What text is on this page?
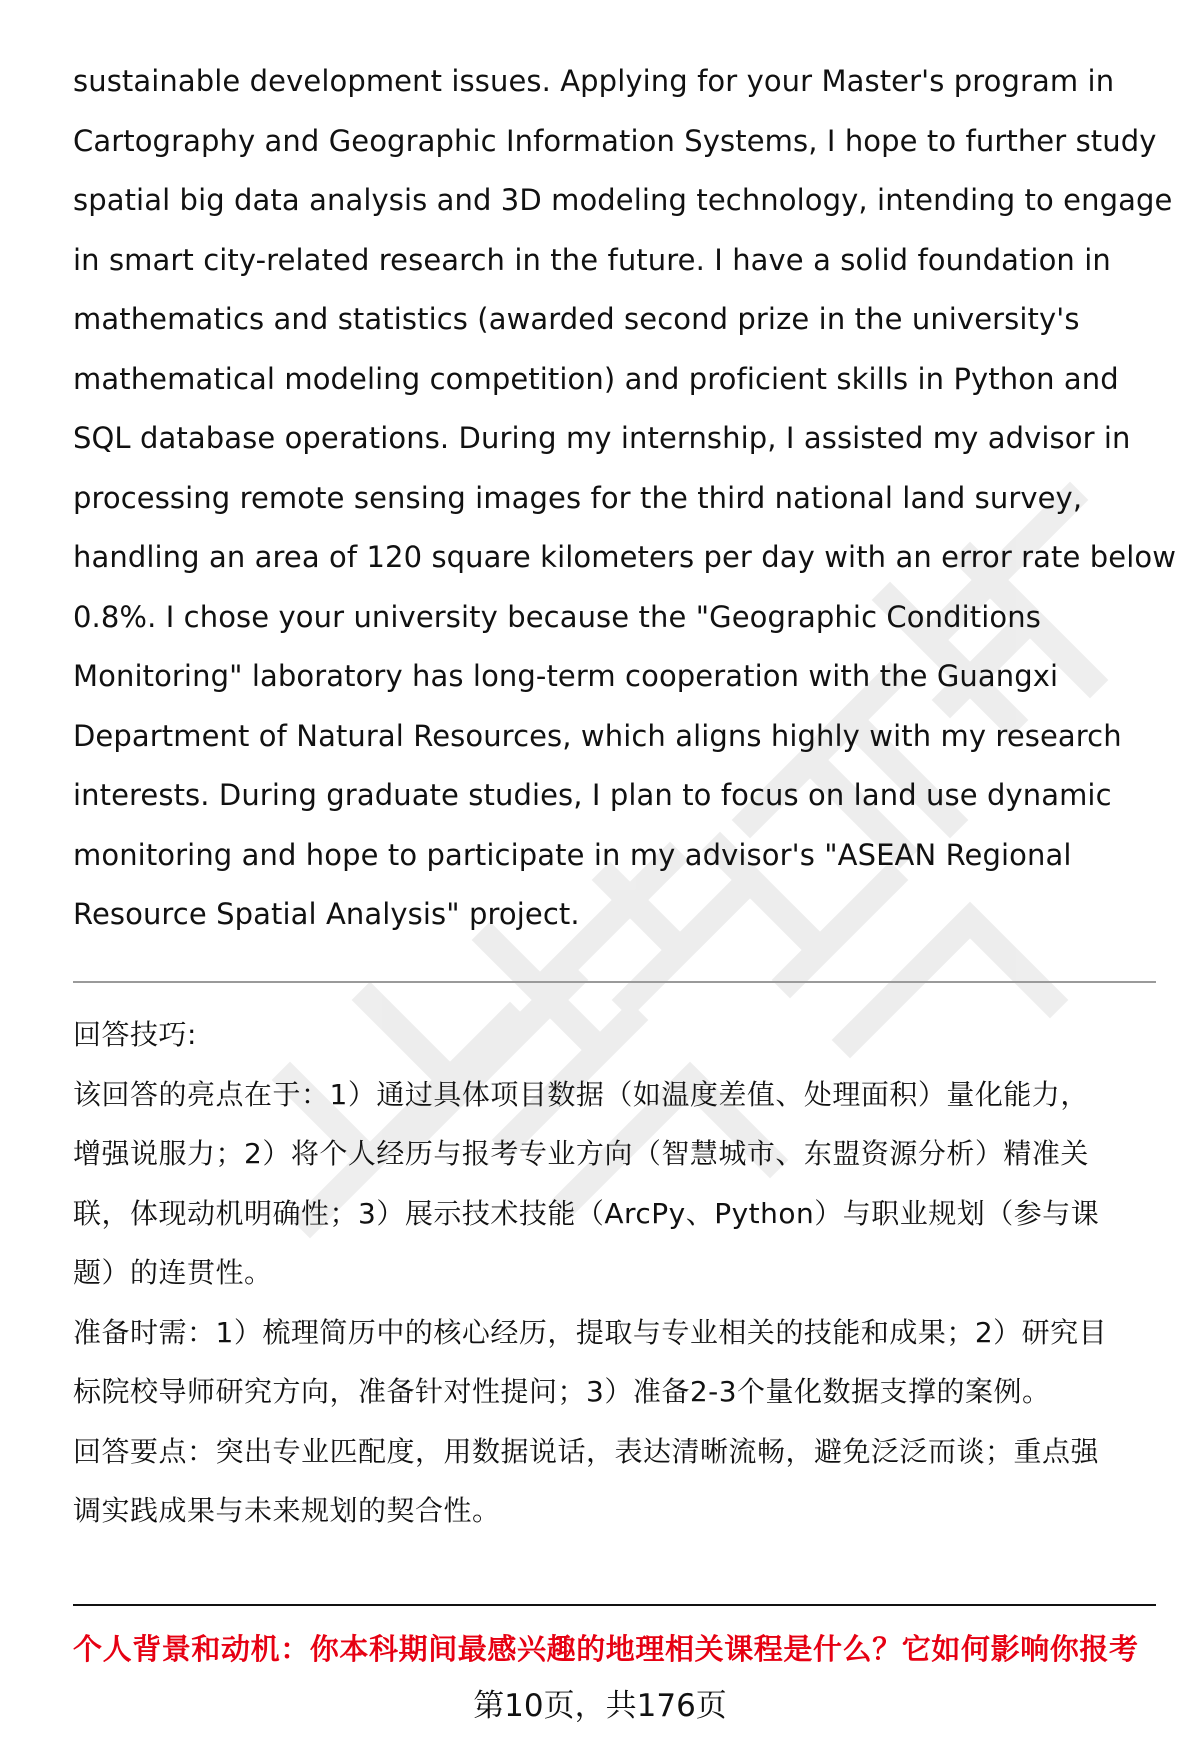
sustainable development issues. Applying for your Master's program in
Cartography and Geographic Information Systems, I hope to further study
spatial big data analysis and 3D modeling technology, intending to engage
in smart city-related research in the future. I have a solid foundation in
mathematics and statistics (awarded second prize in the university's
mathematical modeling competition) and proficient skills in Python and
SQL database operations. During my internship, I assisted my advisor in
processing remote sensing images for the third national land survey,
handling an area of 120 square kilometers per day with an error rate below
0.8%. I chose your university because the "Geographic Conditions
Monitoring" laboratory has long-term cooperation with the Guangxi
Department of Natural Resources, which aligns highly with my research
interests. During graduate studies, I plan to focus on land use dynamic
monitoring and hope to participate in my advisor's "ASEAN Regional
Resource Spatial Analysis" project.

回答技巧:
该回答的亮点在于：1）通过具体项目数据（如温度差值、处理面积）量化能力，
增强说服力；2）将个人经历与报考专业方向（智慧城市、东盟资源分析）精准关
联，体现动机明确性；3）展示技术技能（ArcPy、Python）与职业规划（参与课
题）的连贯性。
准备时需：1）梳理简历中的核心经历，提取与专业相关的技能和成果；2）研究目
标院校导师研究方向，准备针对性提问；3）准备2-3个量化数据支撑的案例。
回答要点：突出专业匹配度，用数据说话，表达清晰流畅，避免泛泛而谈；重点强
调实践成果与未来规划的契合性。
个人背景和动机：你本科期间最感兴趣的地理相关课程是什么？它如何影响你报考
第10页，共176页
